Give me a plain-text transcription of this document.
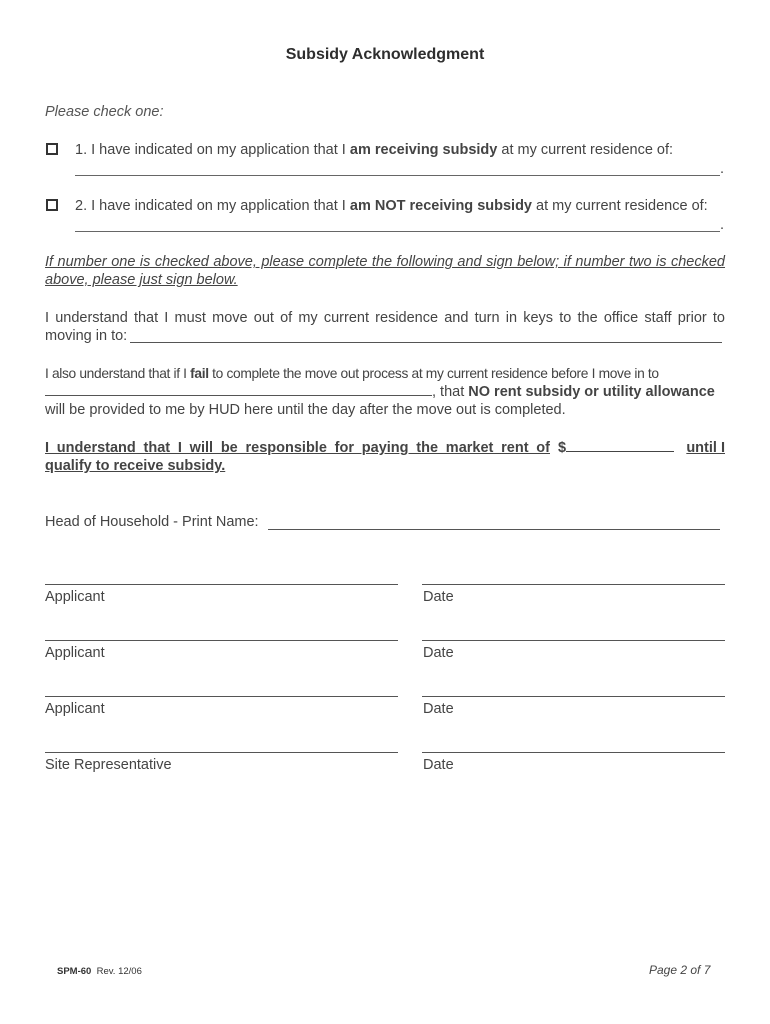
Subsidy Acknowledgment
Please check one:
1. I have indicated on my application that I am receiving subsidy at my current residence of:
.
2. I have indicated on my application that I am NOT receiving subsidy at my current residence of:
.
If number one is checked above, please complete the following and sign below; if number two is checked above, please just sign below.
I understand that I must move out of my current residence and turn in keys to the office staff prior to moving in to:
I also understand that if I fail to complete the move out process at my current residence before I move in to
, that NO rent subsidy or utility allowance
will be provided to me by HUD here until the day after the move out is completed.
I understand that I will be responsible for paying the market rent of $	until I
qualify to receive subsidy.
Head of Household - Print Name:
Applicant	Date
Applicant	Date
Applicant	Date
Site Representative	Date
SPM-60 Rev. 12/06	Page 2 of 7
